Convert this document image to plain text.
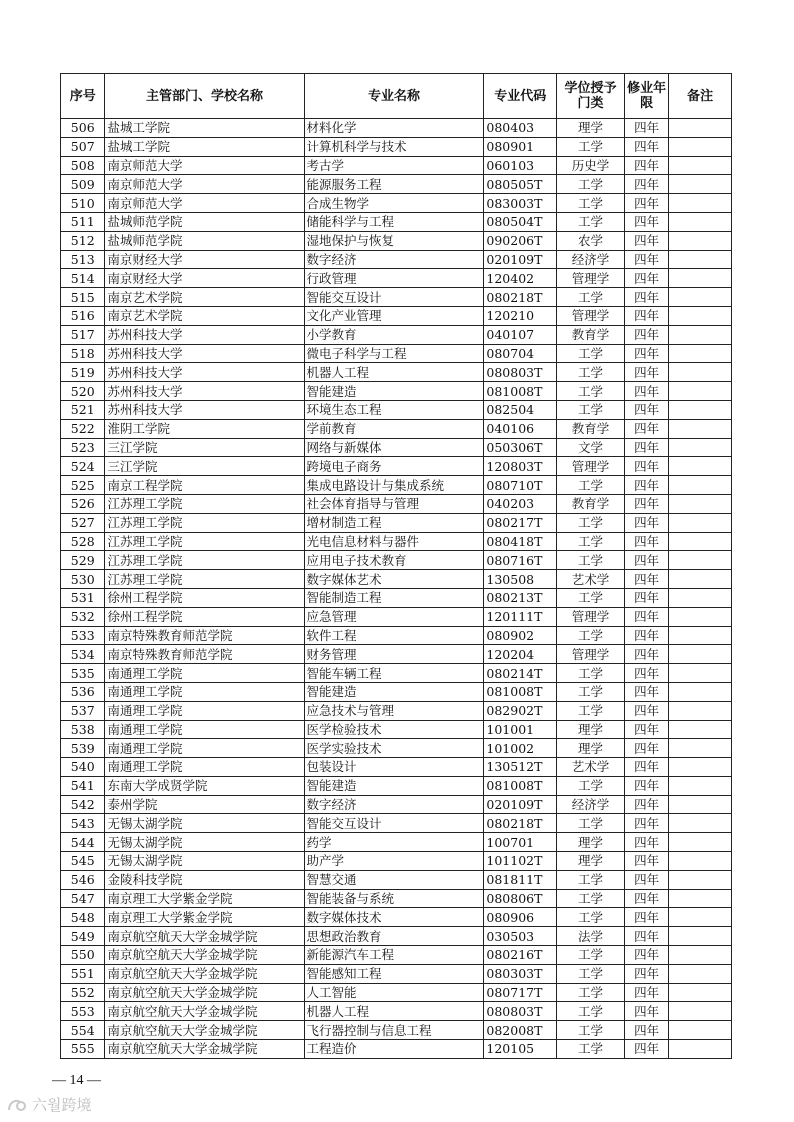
序号	主管部门、学校名称	专业名称	专业代码	学位授予门类	修业年限	备注
506	盐城工学院	材料化学	080403	理学	四年	
507	盐城工学院	计算机科学与技术	080901	工学	四年	
508	南京师范大学	考古学	060103	历史学	四年	
509	南京师范大学	能源服务工程	080505T	工学	四年	
510	南京师范大学	合成生物学	083003T	工学	四年	
511	盐城师范学院	储能科学与工程	080504T	工学	四年	
512	盐城师范学院	湿地保护与恢复	090206T	农学	四年	
513	南京财经大学	数字经济	020109T	经济学	四年	
514	南京财经大学	行政管理	120402	管理学	四年	
515	南京艺术学院	智能交互设计	080218T	工学	四年	
516	南京艺术学院	文化产业管理	120210	管理学	四年	
517	苏州科技大学	小学教育	040107	教育学	四年	
518	苏州科技大学	微电子科学与工程	080704	工学	四年	
519	苏州科技大学	机器人工程	080803T	工学	四年	
520	苏州科技大学	智能建造	081008T	工学	四年	
521	苏州科技大学	环境生态工程	082504	工学	四年	
522	淮阴工学院	学前教育	040106	教育学	四年	
523	三江学院	网络与新媒体	050306T	文学	四年	
524	三江学院	跨境电子商务	120803T	管理学	四年	
525	南京工程学院	集成电路设计与集成系统	080710T	工学	四年	
526	江苏理工学院	社会体育指导与管理	040203	教育学	四年	
527	江苏理工学院	增材制造工程	080217T	工学	四年	
528	江苏理工学院	光电信息材料与器件	080418T	工学	四年	
529	江苏理工学院	应用电子技术教育	080716T	工学	四年	
530	江苏理工学院	数字媒体艺术	130508	艺术学	四年	
531	徐州工程学院	智能制造工程	080213T	工学	四年	
532	徐州工程学院	应急管理	120111T	管理学	四年	
533	南京特殊教育师范学院	软件工程	080902	工学	四年	
534	南京特殊教育师范学院	财务管理	120204	管理学	四年	
535	南通理工学院	智能车辆工程	080214T	工学	四年	
536	南通理工学院	智能建造	081008T	工学	四年	
537	南通理工学院	应急技术与管理	082902T	工学	四年	
538	南通理工学院	医学检验技术	101001	理学	四年	
539	南通理工学院	医学实验技术	101002	理学	四年	
540	南通理工学院	包装设计	130512T	艺术学	四年	
541	东南大学成贤学院	智能建造	081008T	工学	四年	
542	泰州学院	数字经济	020109T	经济学	四年	
543	无锡太湖学院	智能交互设计	080218T	工学	四年	
544	无锡太湖学院	药学	100701	理学	四年	
545	无锡太湖学院	助产学	101102T	理学	四年	
546	金陵科技学院	智慧交通	081811T	工学	四年	
547	南京理工大学紫金学院	智能装备与系统	080806T	工学	四年	
548	南京理工大学紫金学院	数字媒体技术	080906	工学	四年	
549	南京航空航天大学金城学院	思想政治教育	030503	法学	四年	
550	南京航空航天大学金城学院	新能源汽车工程	080216T	工学	四年	
551	南京航空航天大学金城学院	智能感知工程	080303T	工学	四年	
552	南京航空航天大学金城学院	人工智能	080717T	工学	四年	
553	南京航空航天大学金城学院	机器人工程	080803T	工学	四年	
554	南京航空航天大学金城学院	飞行器控制与信息工程	082008T	工学	四年	
555	南京航空航天大学金城学院	工程造价	120105	工学	四年	
— 14 —
六월跨境
